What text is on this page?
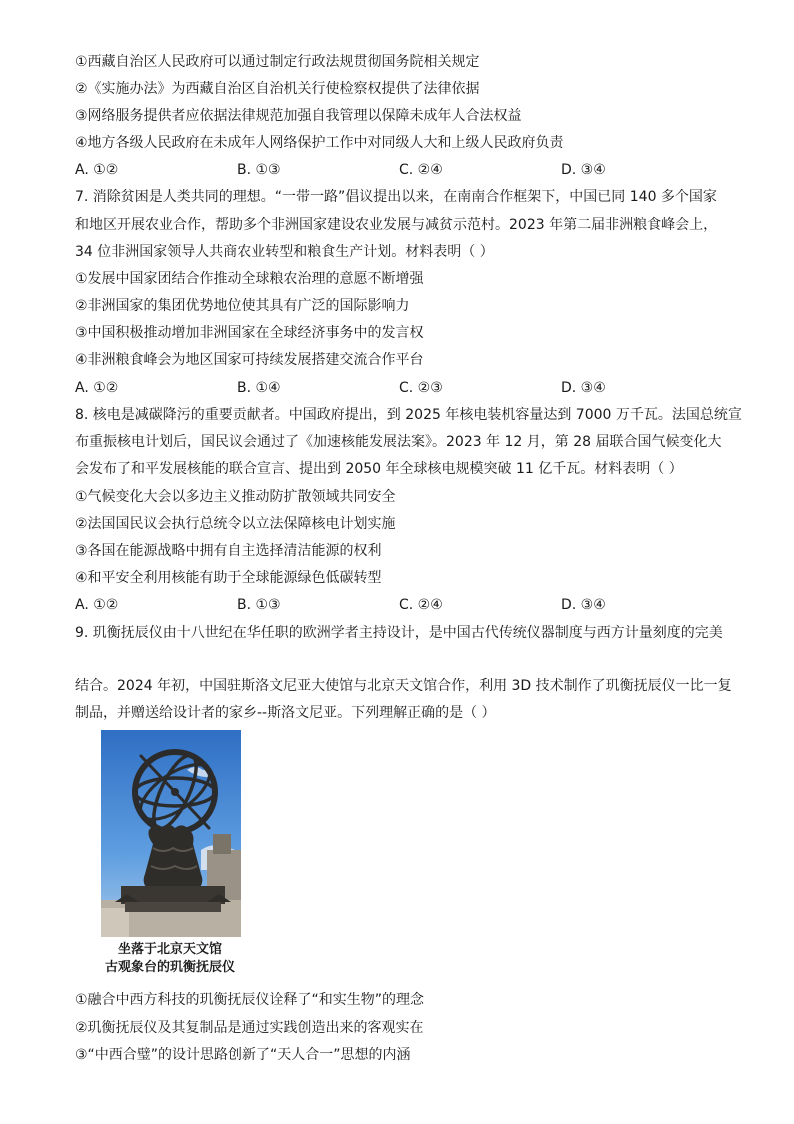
①西藏自治区人民政府可以通过制定行政法规贯彻国务院相关规定
②《实施办法》为西藏自治区自治机关行使检察权提供了法律依据
③网络服务提供者应依据法律规范加强自我管理以保障未成年人合法权益
④地方各级人民政府在未成年人网络保护工作中对同级人大和上级人民政府负责
A. ①②	B. ①③	C. ②④	D. ③④
7. 消除贫困是人类共同的理想。“一带一路”倡议提出以来，在南南合作框架下，中国已同 140 多个国家
和地区开展农业合作，帮助多个非洲国家建设农业发展与减贫示范村。2023 年第二届非洲粮食峰会上，
34 位非洲国家领导人共商农业转型和粮食生产计划。材料表明（ ）
①发展中国家团结合作推动全球粮农治理的意愿不断增强
②非洲国家的集团优势地位使其具有广泛的国际影响力
③中国积极推动增加非洲国家在全球经济事务中的发言权
④非洲粮食峰会为地区国家可持续发展搭建交流合作平台
A. ①②	B. ①④	C. ②③	D. ③④
8. 核电是减碳降污的重要贡献者。中国政府提出，到 2025 年核电装机容量达到 7000 万千瓦。法国总统宣
布重振核电计划后，国民议会通过了《加速核能发展法案》。2023 年 12 月，第 28 届联合国气候变化大
会发布了和平发展核能的联合宣言、提出到 2050 年全球核电规模突破 11 亿千瓦。材料表明（ ）
①气候变化大会以多边主义推动防扩散领域共同安全
②法国国民议会执行总统令以立法保障核电计划实施
③各国在能源战略中拥有自主选择清洁能源的权利
④和平安全利用核能有助于全球能源绿色低碳转型
A. ①②	B. ①③	C. ②④	D. ③④
9. 玑衡抚辰仪由十八世纪在华任职的欧洲学者主持设计，是中国古代传统仪器制度与西方计量刻度的完美
结合。2024 年初，中国驻斯洛文尼亚大使馆与北京天文馆合作，利用 3D 技术制作了玑衡抚辰仪一比一复
制品，并赠送给设计者的家乡--斯洛文尼亚。下列理解正确的是（ ）
坐落于北京天文馆
古观象台的玑衡抚辰仪
①融合中西方科技的玑衡抚辰仪诠释了“和实生物”的理念
②玑衡抚辰仪及其复制品是通过实践创造出来的客观实在
③“中西合璧”的设计思路创新了“天人合一”思想的内涵
